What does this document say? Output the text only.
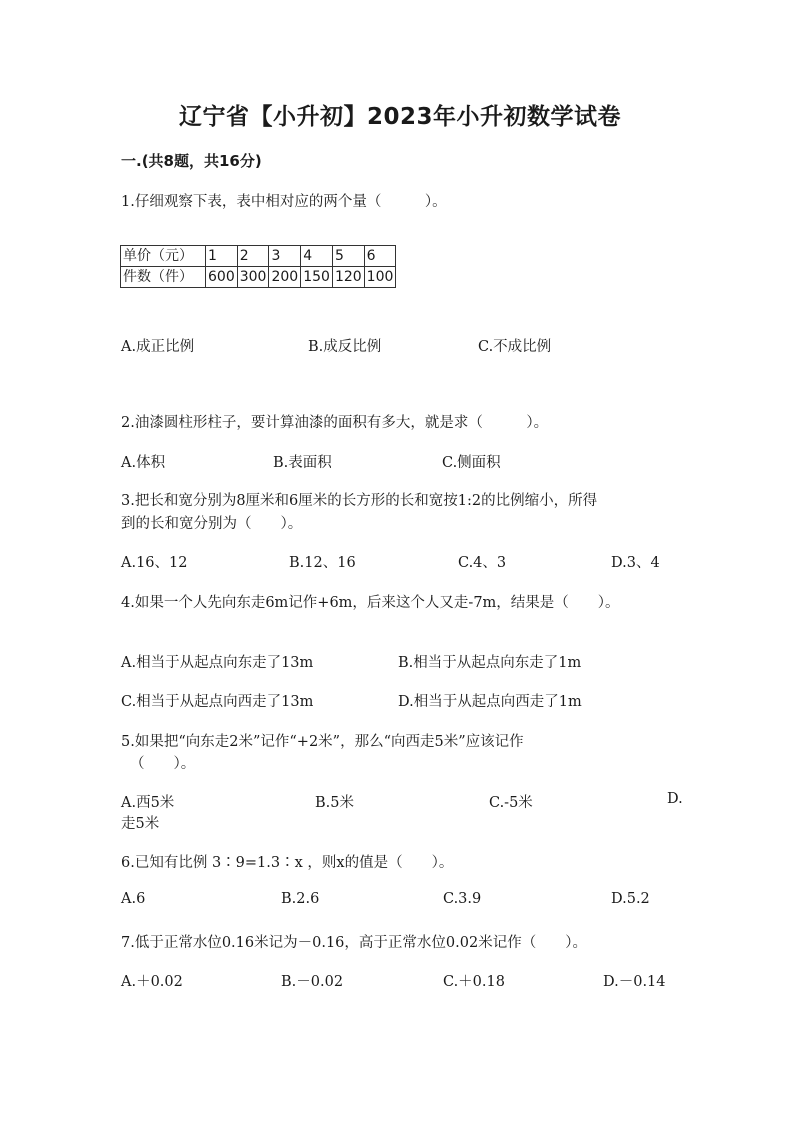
辽宁省【小升初】2023年小升初数学试卷
一.(共8题，共16分)
1.仔细观察下表，表中相对应的两个量（　　　）。
单价（元）	1	2	3	4	5	6
件数（件）	600	300	200	150	120	100
A.成正比例	B.成反比例	C.不成比例
2.油漆圆柱形柱子，要计算油漆的面积有多大，就是求（　　　）。
A.体积	B.表面积	C.侧面积
3.把长和宽分别为8厘米和6厘米的长方形的长和宽按1:2的比例缩小，所得
到的长和宽分别为（　　）。
A.16、12	B.12、16	C.4、3	D.3、4
4.如果一个人先向东走6m记作+6m，后来这个人又走-7m，结果是（　　）。
A.相当于从起点向东走了13m	B.相当于从起点向东走了1m
C.相当于从起点向西走了13m	D.相当于从起点向西走了1m
5.如果把“向东走2米”记作“+2米”，那么“向西走5米”应该记作
（　　）。
A.西5米	B.5米	C.-5米	D.
走5米
6.已知有比例 3∶9=1.3∶x ，则x的值是（　　）。
A.6	B.2.6	C.3.9	D.5.2
7.低于正常水位0.16米记为－0.16，高于正常水位0.02米记作（　　）。
A.＋0.02	B.－0.02	C.＋0.18	D.－0.14
